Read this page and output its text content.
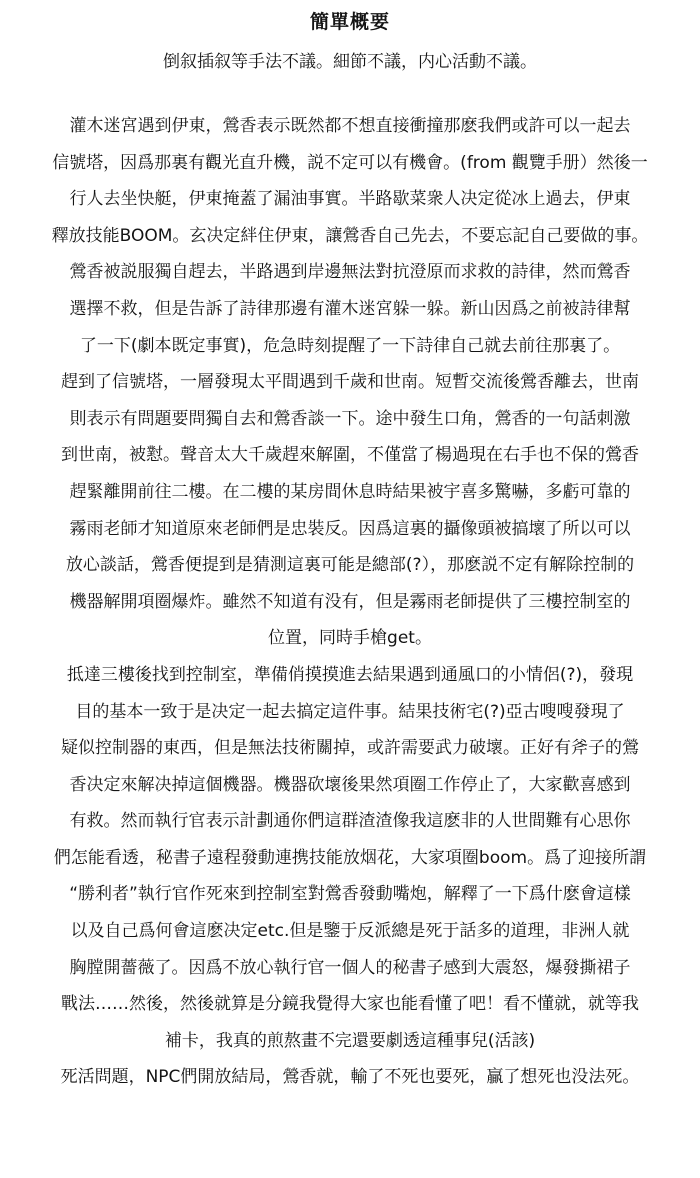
簡單概要

倒叙插叙等手法不議。細節不議，内心活動不議。

灌木迷宮遇到伊東，鶯香表示既然都不想直接衝撞那麽我們或許可以一起去
信號塔，因爲那裏有觀光直升機，説不定可以有機會。(from 觀覽手册）然後一
行人去坐快艇，伊東掩蓋了漏油事實。半路歇菜衆人决定從冰上過去，伊東
釋放技能BOOM。玄决定絆住伊東，讓鶯香自己先去，不要忘記自己要做的事。
鶯香被説服獨自趕去，半路遇到岸邊無法對抗澄原而求救的詩律，然而鶯香
選擇不救，但是告訴了詩律那邊有灌木迷宮躲一躲。新山因爲之前被詩律幫
了一下(劇本既定事實)，危急時刻提醒了一下詩律自己就去前往那裏了。
趕到了信號塔，一層發現太平間遇到千歲和世南。短暫交流後鶯香離去，世南
則表示有問題要問獨自去和鶯香談一下。途中發生口角，鶯香的一句話刺激
到世南，被懟。聲音太大千歲趕來解圍，不僅當了楊過現在右手也不保的鶯香
趕緊離開前往二樓。在二樓的某房間休息時結果被宇喜多驚嚇，多虧可靠的
霧雨老師才知道原來老師們是忠裝反。因爲這裏的攝像頭被搞壞了所以可以
放心談話，鶯香便提到是猜測這裏可能是總部(?），那麽説不定有解除控制的
機器解開項圈爆炸。雖然不知道有没有，但是霧雨老師提供了三樓控制室的
位置，同時手槍get。
抵達三樓後找到控制室，準備俏摸摸進去結果遇到通風口的小情侶(?)，發現
目的基本一致于是决定一起去搞定這件事。結果技術宅(?)亞古嗖嗖發現了
疑似控制器的東西，但是無法技術關掉，或許需要武力破壞。正好有斧子的鶯
香决定來解决掉這個機器。機器砍壞後果然項圈工作停止了，大家歡喜感到
有救。然而執行官表示計劃通你們這群渣渣像我這麽非的人世間難有心思你
們怎能看透，秘書子遠程發動連携技能放烟花，大家項圈boom。爲了迎接所謂
“勝利者”執行官作死來到控制室對鶯香發動嘴炮，解釋了一下爲什麽會這樣
以及自己爲何會這麽决定etc.但是鑒于反派總是死于話多的道理，非洲人就
胸膛開薔薇了。因爲不放心執行官一個人的秘書子感到大震怒，爆發撕裙子
戰法……然後，然後就算是分鏡我覺得大家也能看懂了吧！看不懂就，就等我
補卡，我真的煎熬畫不完還要劇透這種事兒(活該)
死活問題，NPC們開放結局，鶯香就，輸了不死也要死，贏了想死也没法死。
